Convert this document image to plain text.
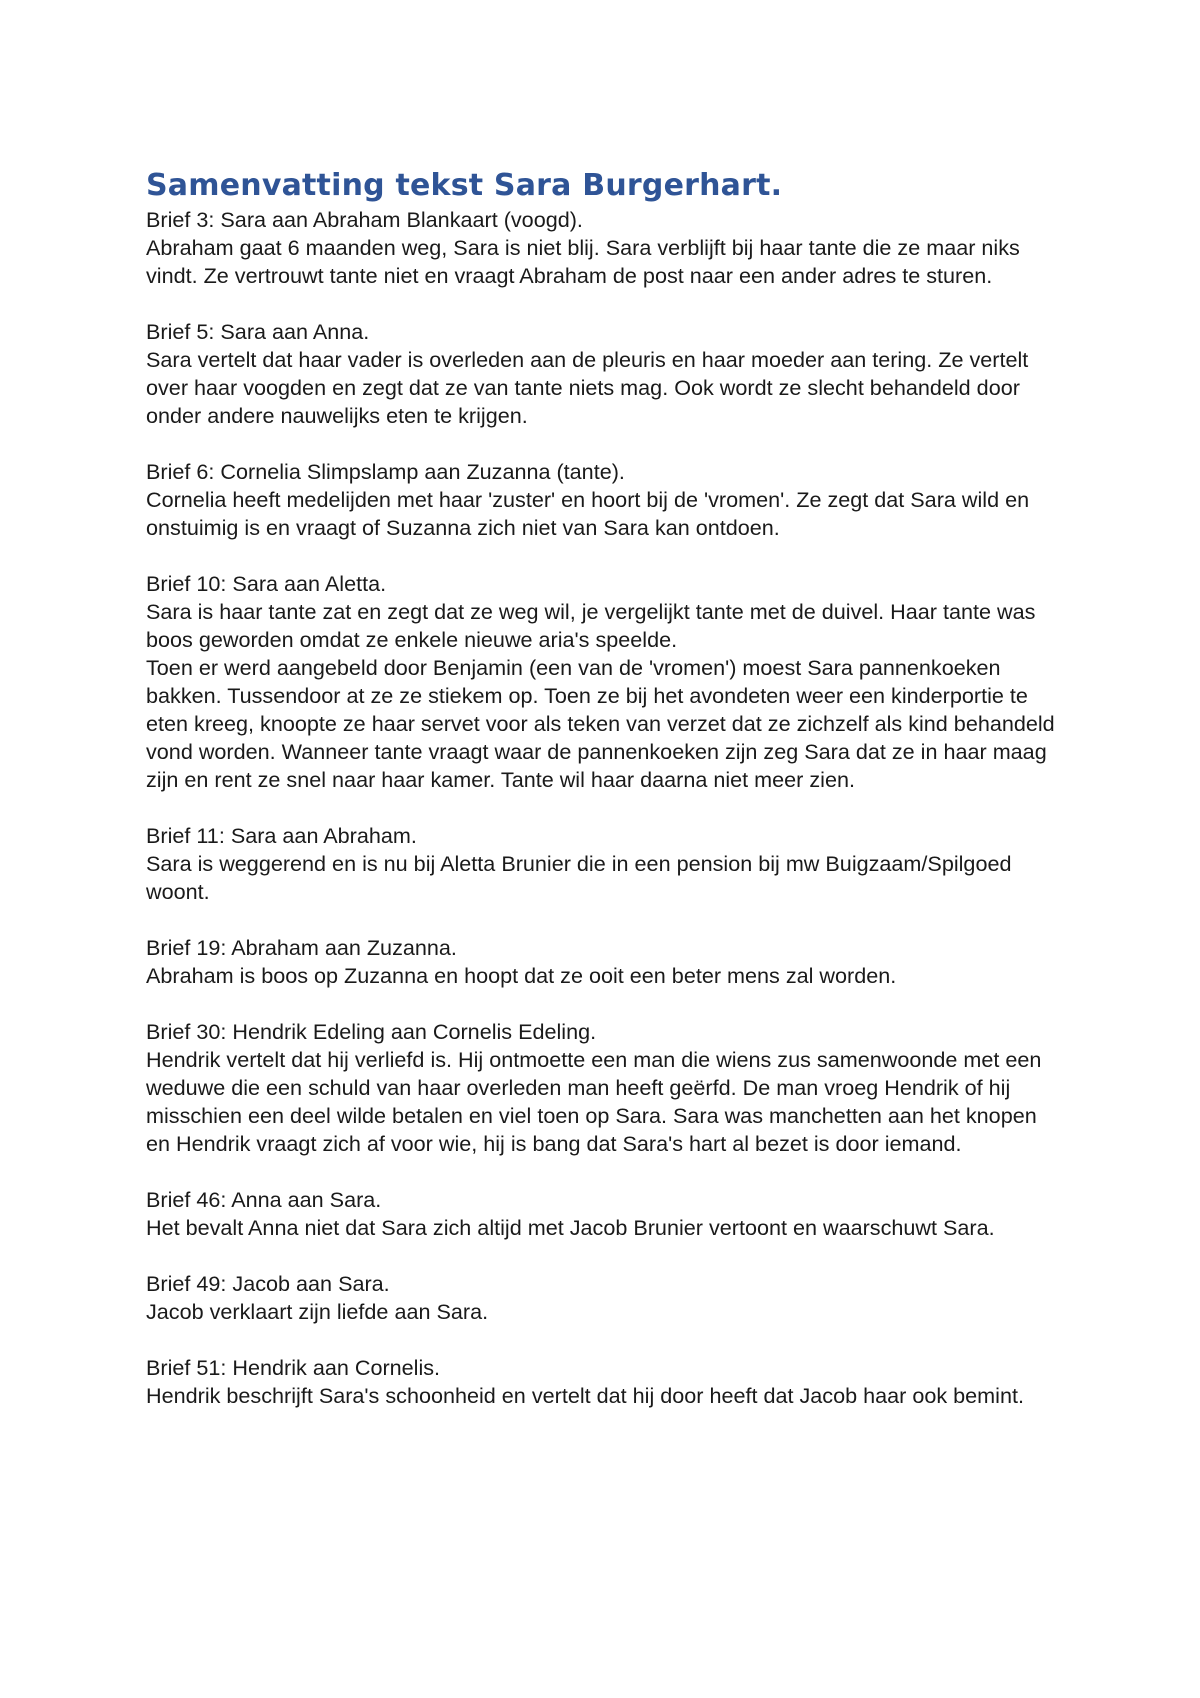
Samenvatting tekst Sara Burgerhart.

Brief 3: Sara aan Abraham Blankaart (voogd).

Abraham gaat 6 maanden weg, Sara is niet blij. Sara verblijft bij haar tante die ze maar niks vindt. Ze vertrouwt tante niet en vraagt Abraham de post naar een ander adres te sturen.

Brief 5: Sara aan Anna.

Sara vertelt dat haar vader is overleden aan de pleuris en haar moeder aan tering. Ze vertelt over haar voogden en zegt dat ze van tante niets mag. Ook wordt ze slecht behandeld door onder andere nauwelijks eten te krijgen.

Brief 6: Cornelia Slimpslamp aan Zuzanna (tante).

Cornelia heeft medelijden met haar 'zuster' en hoort bij de 'vromen'. Ze zegt dat Sara wild en onstuimig is en vraagt of Suzanna zich niet van Sara kan ontdoen.

Brief 10: Sara aan Aletta.

Sara is haar tante zat en zegt dat ze weg wil, je vergelijkt tante met de duivel. Haar tante was boos geworden omdat ze enkele nieuwe aria's speelde.

Toen er werd aangebeld door Benjamin (een van de 'vromen') moest Sara pannenkoeken bakken. Tussendoor at ze ze stiekem op. Toen ze bij het avondeten weer een kinderportie te eten kreeg, knoopte ze haar servet voor als teken van verzet dat ze zichzelf als kind behandeld vond worden. Wanneer tante vraagt waar de pannenkoeken zijn zeg Sara dat ze in haar maag zijn en rent ze snel naar haar kamer. Tante wil haar daarna niet meer zien.

Brief 11: Sara aan Abraham.

Sara is weggerend en is nu bij Aletta Brunier die in een pension bij mw Buigzaam/Spilgoed woont.

Brief 19: Abraham aan Zuzanna.

Abraham is boos op Zuzanna en hoopt dat ze ooit een beter mens zal worden.

Brief 30: Hendrik Edeling aan Cornelis Edeling.

Hendrik vertelt dat hij verliefd is. Hij ontmoette een man die wiens zus samenwoonde met een weduwe die een schuld van haar overleden man heeft geërfd. De man vroeg Hendrik of hij misschien een deel wilde betalen en viel toen op Sara. Sara was manchetten aan het knopen en Hendrik vraagt zich af voor wie, hij is bang dat Sara's hart al bezet is door iemand.

Brief 46: Anna aan Sara.

Het bevalt Anna niet dat Sara zich altijd met Jacob Brunier vertoont en waarschuwt Sara.

Brief 49: Jacob aan Sara.

Jacob verklaart zijn liefde aan Sara.

Brief 51: Hendrik aan Cornelis.

Hendrik beschrijft Sara's schoonheid en vertelt dat hij door heeft dat Jacob haar ook bemint.
